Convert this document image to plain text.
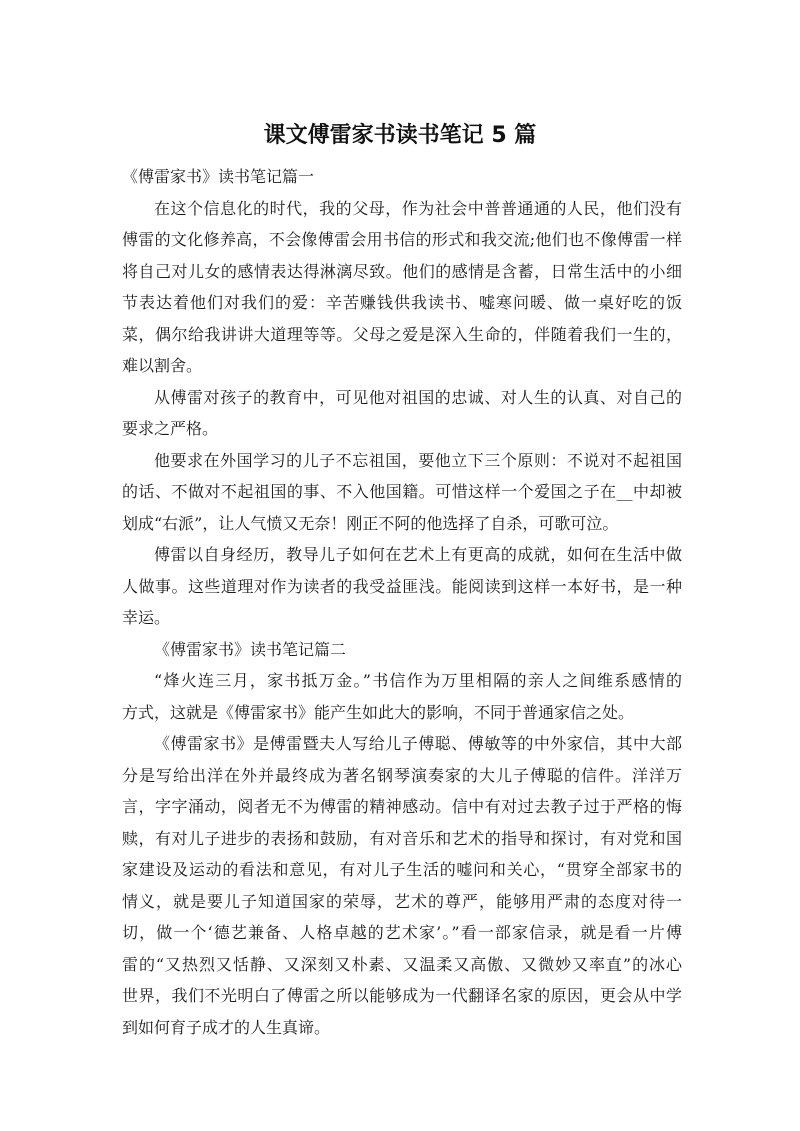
课文傅雷家书读书笔记 5 篇
《傅雷家书》读书笔记篇一
在这个信息化的时代，我的父母，作为社会中普普通通的人民，他们没有
傅雷的文化修养高，不会像傅雷会用书信的形式和我交流;他们也不像傅雷一样
将自己对儿女的感情表达得淋漓尽致。他们的感情是含蓄，日常生活中的小细
节表达着他们对我们的爱：辛苦赚钱供我读书、嘘寒问暖、做一桌好吃的饭
菜，偶尔给我讲讲大道理等等。父母之爱是深入生命的，伴随着我们一生的，
难以割舍。
从傅雷对孩子的教育中，可见他对祖国的忠诚、对人生的认真、对自己的
要求之严格。
他要求在外国学习的儿子不忘祖国，要他立下三个原则：不说对不起祖国
的话、不做对不起祖国的事、不入他国籍。可惜这样一个爱国之子在__中却被
划成“右派”，让人气愤又无奈！刚正不阿的他选择了自杀，可歌可泣。
傅雷以自身经历，教导儿子如何在艺术上有更高的成就，如何在生活中做
人做事。这些道理对作为读者的我受益匪浅。能阅读到这样一本好书，是一种
幸运。
《傅雷家书》读书笔记篇二
“烽火连三月，家书抵万金。”书信作为万里相隔的亲人之间维系感情的
方式，这就是《傅雷家书》能产生如此大的影响，不同于普通家信之处。
《傅雷家书》是傅雷暨夫人写给儿子傅聪、傅敏等的中外家信，其中大部
分是写给出洋在外并最终成为著名钢琴演奏家的大儿子傅聪的信件。洋洋万
言，字字涌动，阅者无不为傅雷的精神感动。信中有对过去教子过于严格的悔
赎，有对儿子进步的表扬和鼓励，有对音乐和艺术的指导和探讨，有对党和国
家建设及运动的看法和意见，有对儿子生活的嘘问和关心，“贯穿全部家书的
情义，就是要儿子知道国家的荣辱，艺术的尊严，能够用严肃的态度对待一
切，做一个‘德艺兼备、人格卓越的艺术家’。”看一部家信录，就是看一片傅
雷的“又热烈又恬静、又深刻又朴素、又温柔又高傲、又微妙又率直”的冰心
世界，我们不光明白了傅雷之所以能够成为一代翻译名家的原因，更会从中学
到如何育子成才的人生真谛。
